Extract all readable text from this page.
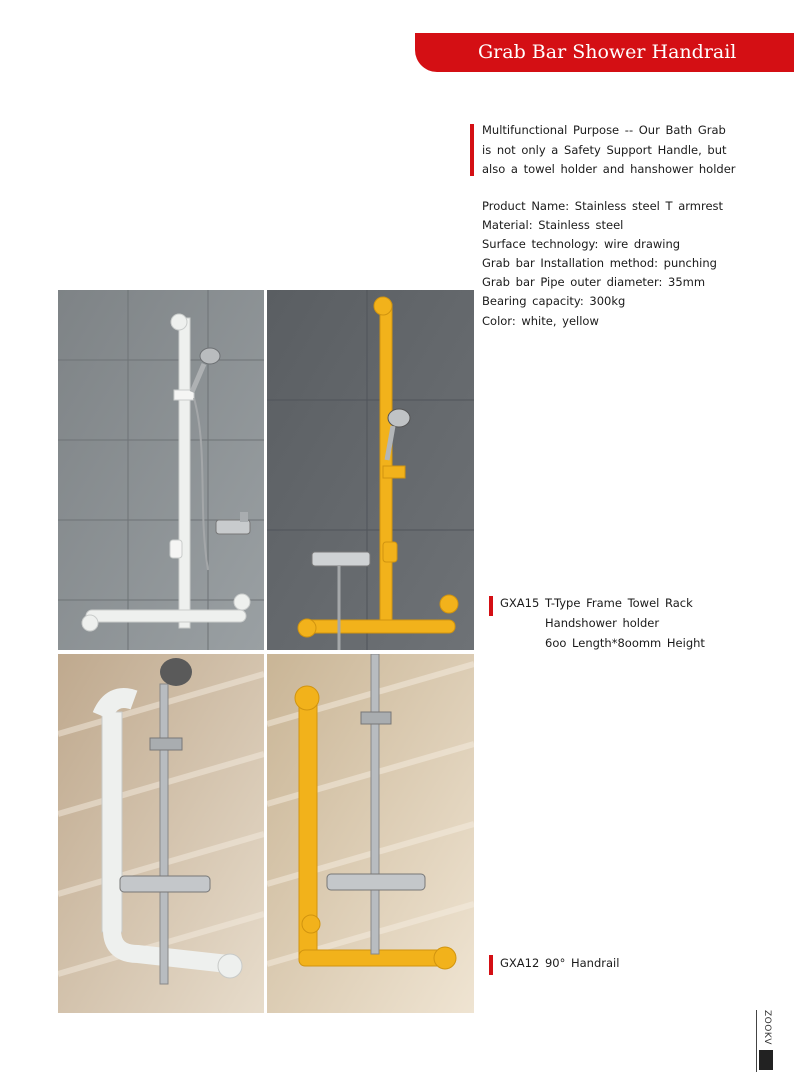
Grab Bar Shower Handrail
Multifunctional Purpose -- Our Bath Grab
is not only a Safety Support Handle, but
also a towel holder and hanshower holder
Product Name: Stainless steel T armrest
Material: Stainless steel
Surface technology: wire drawing
Grab bar Installation method: punching
Grab bar Pipe outer diameter: 35mm
Bearing capacity: 300kg
Color: white, yellow
GXA15 T-Type Frame Towel Rack
Handshower holder
6oo Length*8oomm Height
GXA12 90° Handrail
ZOOKV
